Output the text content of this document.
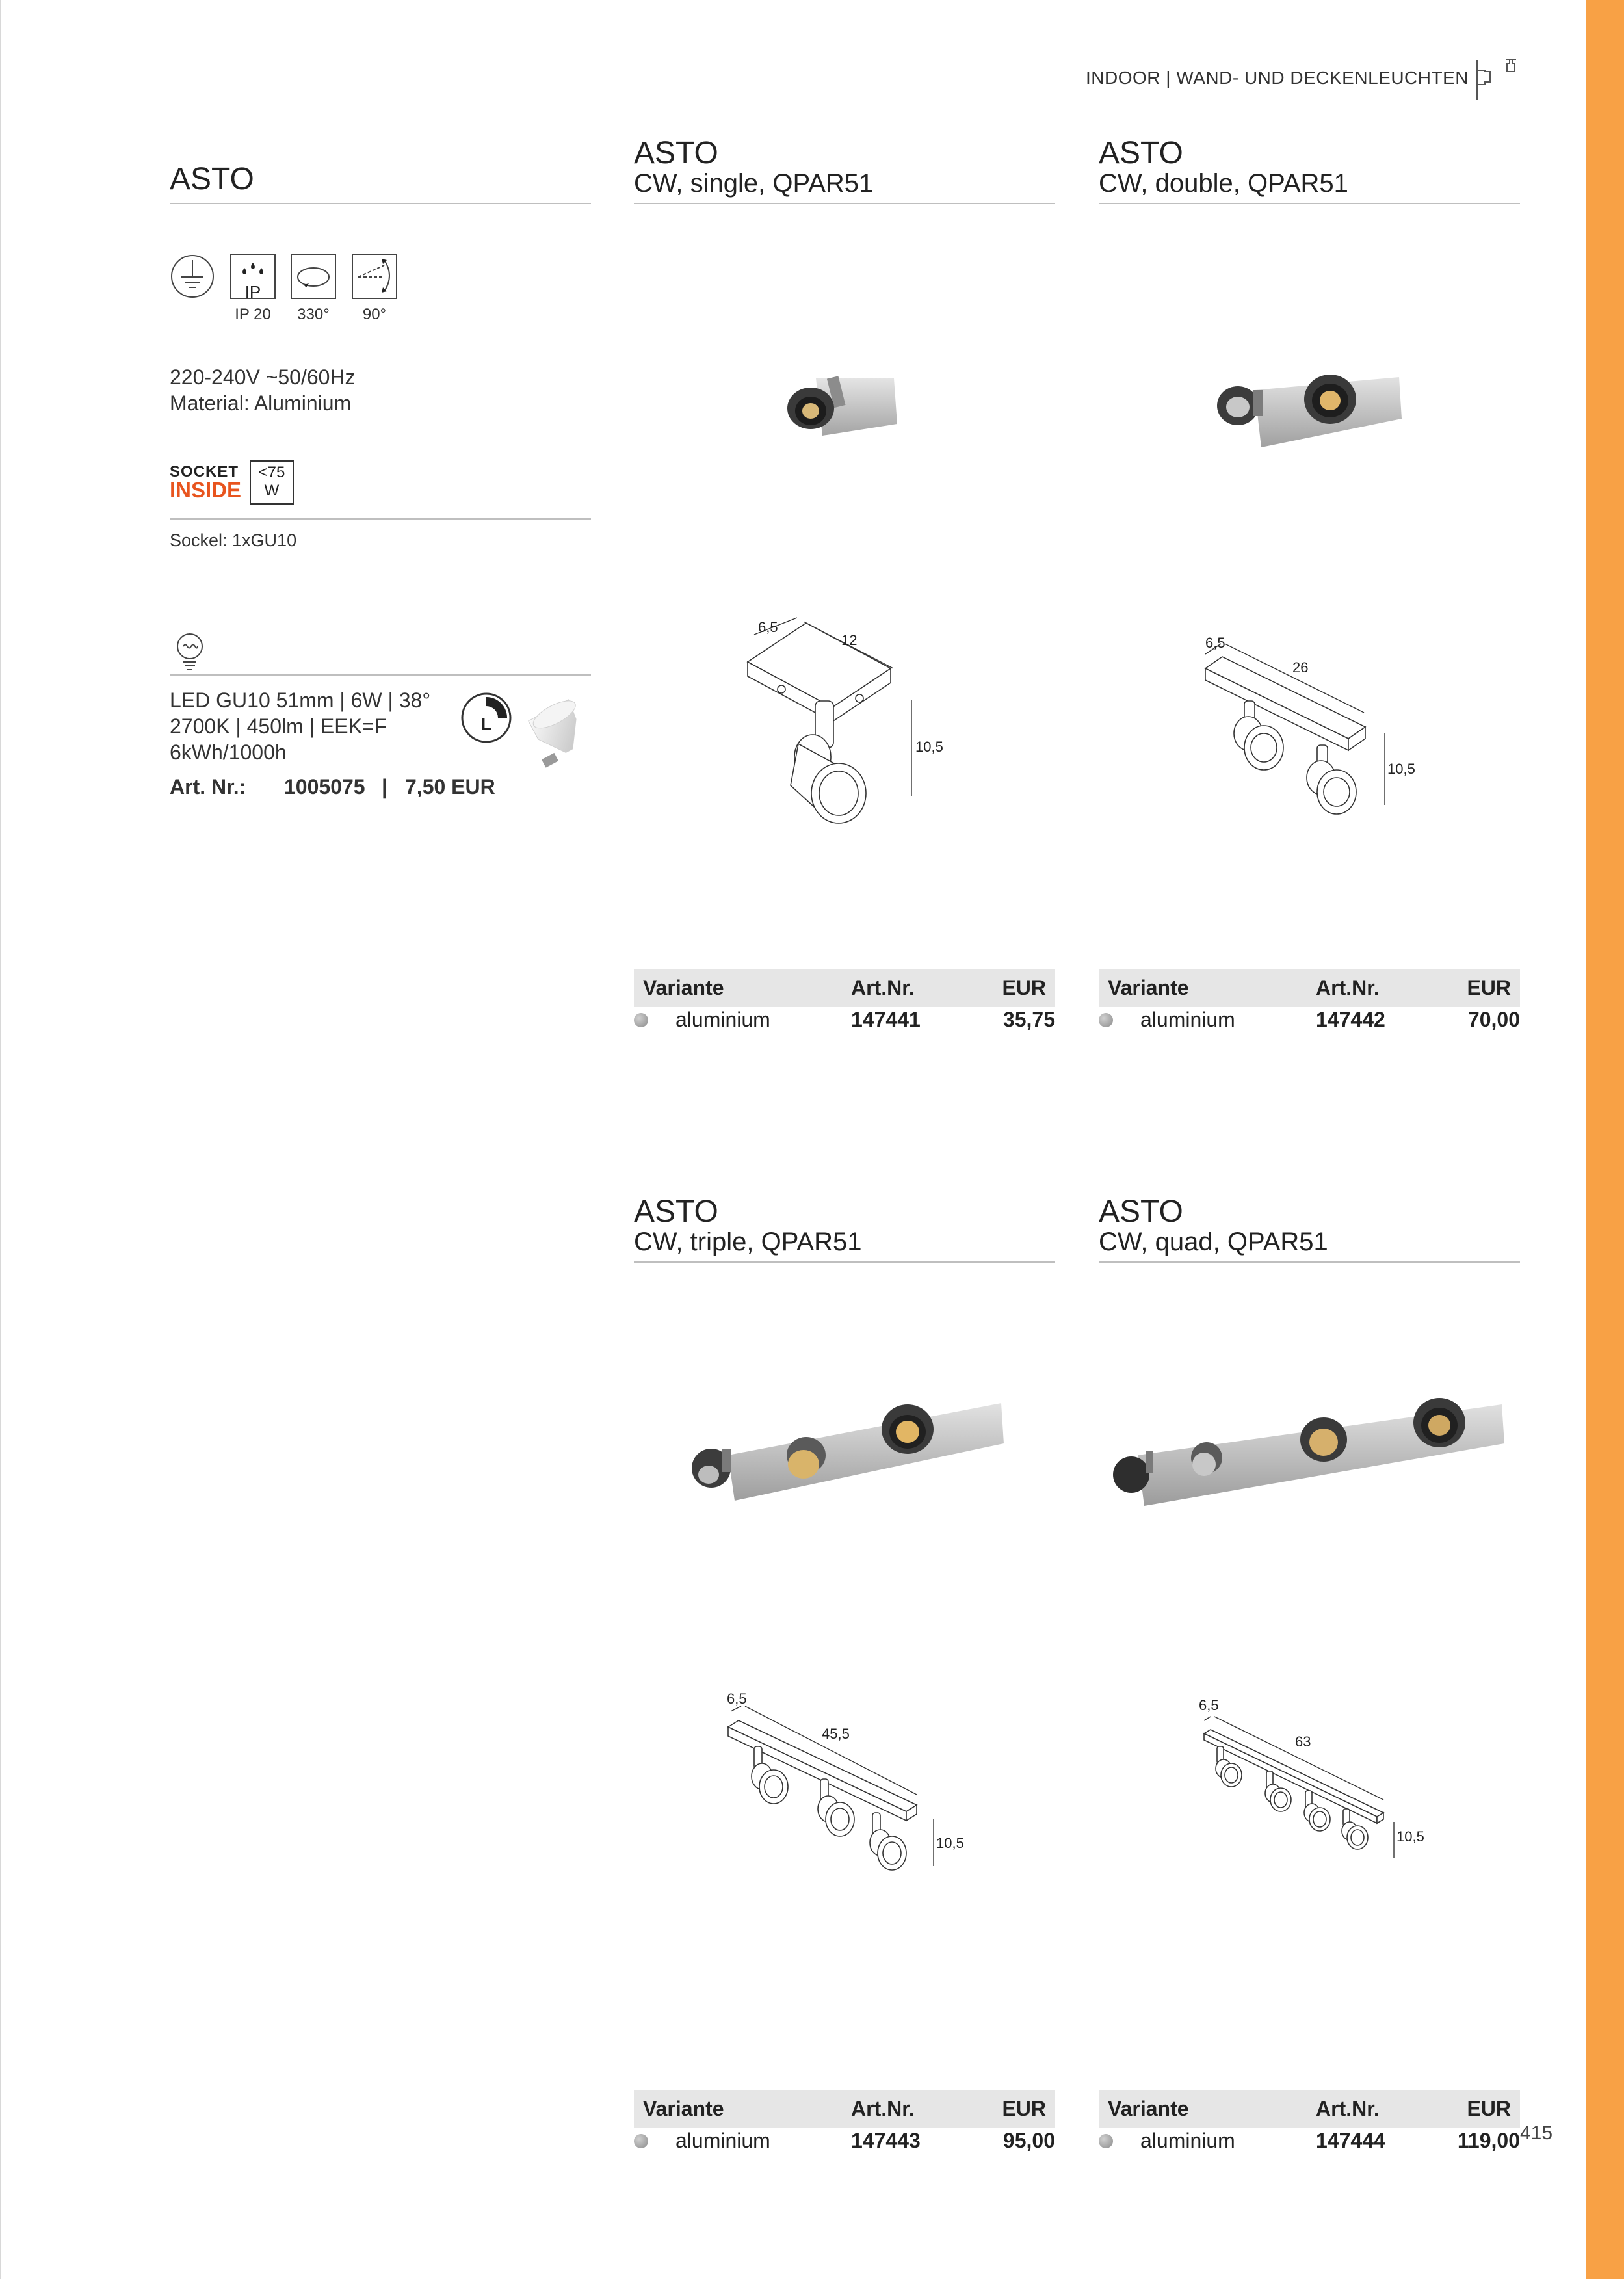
INDOOR | WAND- UND DECKENLEUCHTEN
ASTO
IP
IP 20	330°	90°
220-240V ~50/60Hz
Material: Aluminium
SOCKET
INSIDE
<75
W
Sockel: 1xGU10
LED GU10 51mm | 6W | 38°
2700K | 450lm | EEK=F
6kWh/1000h
L
Art. Nr.: 1005075 | 7,50 EUR
ASTO
CW, single, QPAR51
6,5
12
10,5
Variante	Art.Nr.	EUR
aluminium	147441	35,75
ASTO
CW, double, QPAR51
6,5
26
10,5
Variante	Art.Nr.	EUR
aluminium	147442	70,00
ASTO
CW, triple, QPAR51
6,5
45,5
10,5
Variante	Art.Nr.	EUR
aluminium	147443	95,00
ASTO
CW, quad, QPAR51
6,5
63
10,5
Variante	Art.Nr.	EUR
aluminium	147444	119,00 415
